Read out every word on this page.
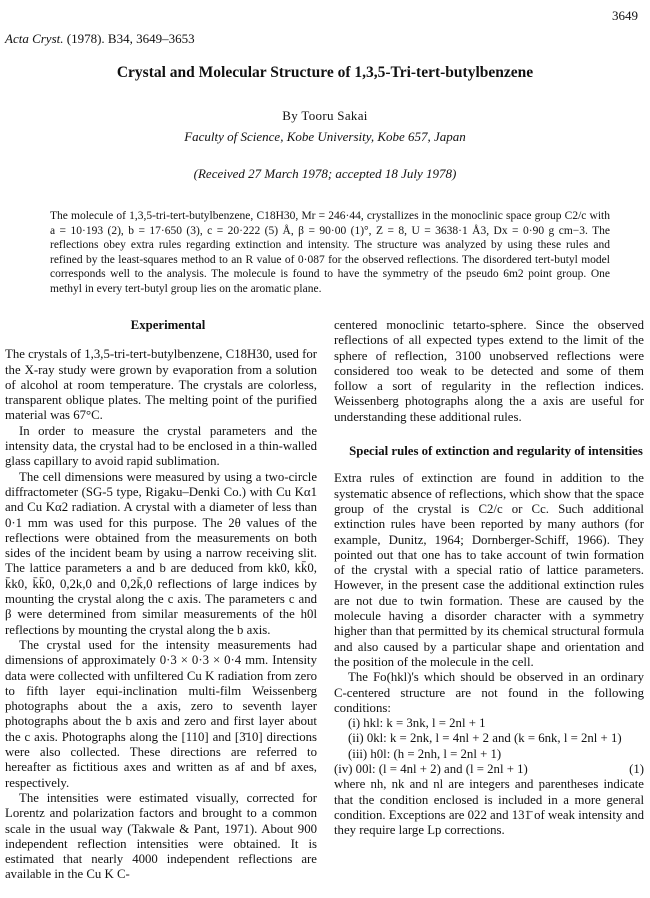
3649
Acta Cryst. (1978). B34, 3649–3653
Crystal and Molecular Structure of 1,3,5-Tri-tert-butylbenzene
By Tooru Sakai
Faculty of Science, Kobe University, Kobe 657, Japan
(Received 27 March 1978; accepted 18 July 1978)
The molecule of 1,3,5-tri-tert-butylbenzene, C18H30, Mr = 246·44, crystallizes in the monoclinic space group C2/c with a = 10·193 (2), b = 17·650 (3), c = 20·222 (5) Å, β = 90·00 (1)°, Z = 8, U = 3638·1 Å3, Dx = 0·90 g cm−3. The reflections obey extra rules regarding extinction and intensity. The structure was analyzed by using these rules and refined by the least-squares method to an R value of 0·087 for the observed reflections. The disordered tert-butyl model corresponds well to the analysis. The molecule is found to have the symmetry of the pseudo 6m2 point group. One methyl in every tert-butyl group lies on the aromatic plane.

Experimental

The crystals of 1,3,5-tri-tert-butylbenzene, C18H30, used for the X-ray study were grown by evaporation from a solution of alcohol at room temperature. The crystals are colorless, transparent oblique plates. The melting point of the purified material was 67°C.

In order to measure the crystal parameters and the intensity data, the crystal had to be enclosed in a thin-walled glass capillary to avoid rapid sublimation.

The cell dimensions were measured by using a two-circle diffractometer (SG-5 type, Rigaku–Denki Co.) with Cu Kα1 and Cu Kα2 radiation. A crystal with a diameter of less than 0·1 mm was used for this purpose. The 2θ values of the reflections were obtained from the measurements on both sides of the incident beam by using a narrow receiving slit. The lattice parameters a and b are deduced from kk0, kk̄0, k̄k0, k̄k̄0, 0,2k,0 and 0,2k̄,0 reflections of large indices by mounting the crystal along the c axis. The parameters c and β were determined from similar measurements of the h0l reflections by mounting the crystal along the b axis.

The crystal used for the intensity measurements had dimensions of approximately 0·3 × 0·3 × 0·4 mm. Intensity data were collected with unfiltered Cu K radiation from zero to fifth layer equi-inclination multi-film Weissenberg photographs about the a axis, zero to seventh layer photographs about the b axis and zero and first layer about the c axis. Photographs along the [110] and [3̄10] directions were also collected. These directions are referred to hereafter as fictitious axes and written as af and bf axes, respectively.

The intensities were estimated visually, corrected for Lorentz and polarization factors and brought to a common scale in the usual way (Takwale & Pant, 1971). About 900 independent reflection intensities were obtained. It is estimated that nearly 4000 independent reflections are available in the Cu K C-

centered monoclinic tetarto-sphere. Since the observed reflections of all expected types extend to the limit of the sphere of reflection, 3100 unobserved reflections were considered too weak to be detected and some of them follow a sort of regularity in the reflection indices. Weissenberg photographs along the a axis are useful for understanding these additional rules.

Special rules of extinction and regularity of intensities

Extra rules of extinction are found in addition to the systematic absence of reflections, which show that the space group of the crystal is C2/c or Cc. Such additional extinction rules have been reported by many authors (for example, Dunitz, 1964; Dornberger-Schiff, 1966). They pointed out that one has to take account of twin formation of the crystal with a special ratio of lattice parameters. However, in the present case the additional extinction rules are not due to twin formation. These are caused by the molecule having a disorder character with a symmetry higher than that permitted by its chemical structural formula and also caused by a particular shape and orientation and the position of the molecule in the cell.

The Fo(hkl)'s which should be observed in an ordinary C-centered structure are not found in the following conditions:

(i) hkl: k = 3nk, l = 2nl + 1

(ii) 0kl: k = 2nk, l = 4nl + 2 and (k = 6nk, l = 2nl + 1)

(iii) h0l: (h = 2nh, l = 2nl + 1)

(iv) 00l: (l = 4nl + 2) and (l = 2nl + 1)	(1)

where nh, nk and nl are integers and parentheses indicate that the condition enclosed is included in a more general condition. Exceptions are 022 and 131̄ of weak intensity and they require large Lp corrections.
